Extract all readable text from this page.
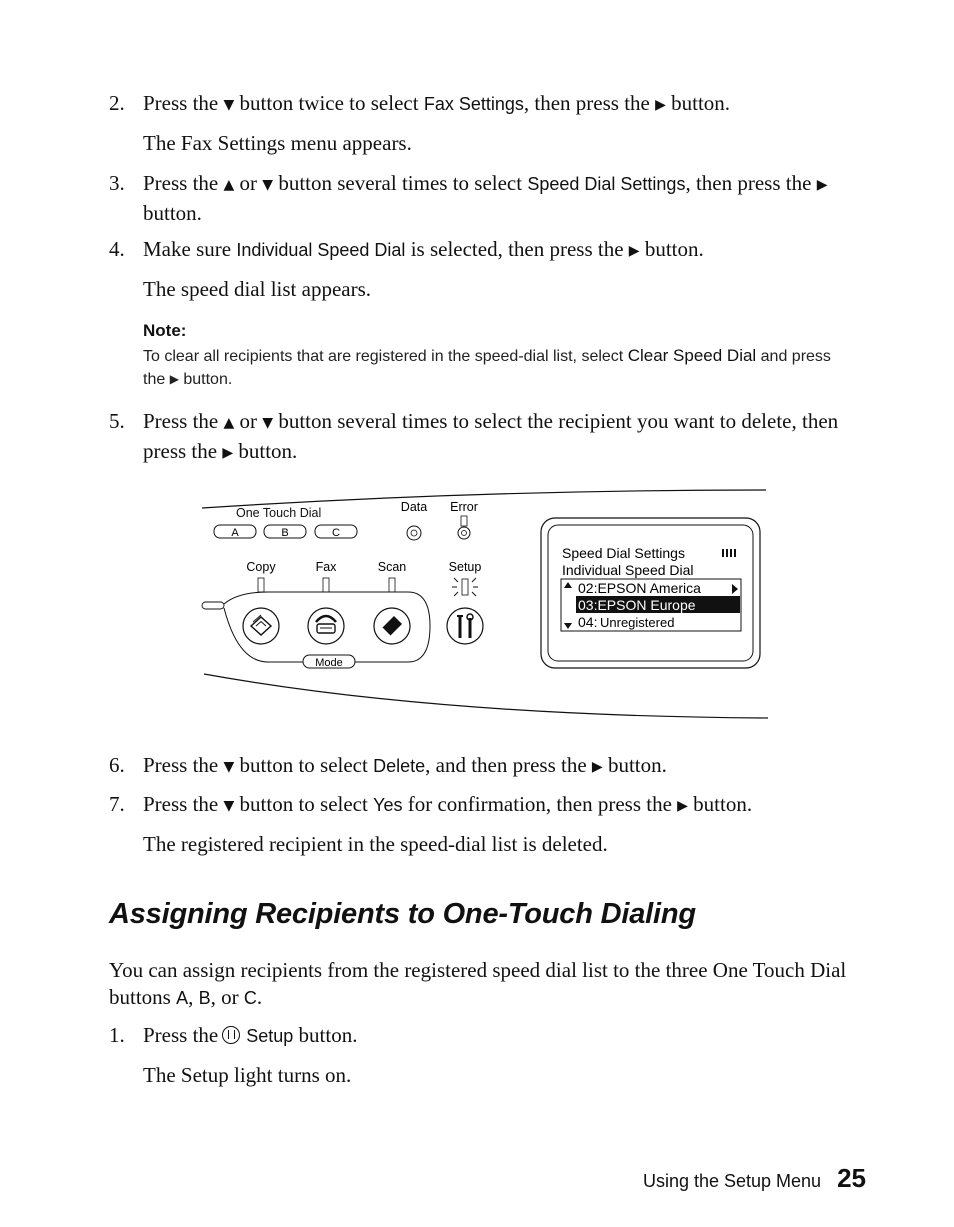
2. Press the ▼ button twice to select Fax Settings, then press the ▶ button.
The Fax Settings menu appears.
3. Press the ▲ or ▼ button several times to select Speed Dial Settings, then press the ▶ button.
4. Make sure Individual Speed Dial is selected, then press the ▶ button.
The speed dial list appears.
Note:
To clear all recipients that are registered in the speed-dial list, select Clear Speed Dial and press the ▶ button.
5. Press the ▲ or ▼ button several times to select the recipient you want to delete, then press the ▶ button.
One Touch Dial
A	B	C
Data Error
Copy	Fax	Scan	Setup
Mode
Speed Dial Settings
Individual Speed Dial
02:EPSON America
03:EPSON Europe
04: Unregistered
6. Press the ▼ button to select Delete, and then press the ▶ button.
7. Press the ▼ button to select Yes for confirmation, then press the ▶ button.
The registered recipient in the speed-dial list is deleted.
Assigning Recipients to One-Touch Dialing
You can assign recipients from the registered speed dial list to the three One Touch Dial buttons A, B, or C.
1. Press the Setup button.
The Setup light turns on.
Using the Setup Menu 25
